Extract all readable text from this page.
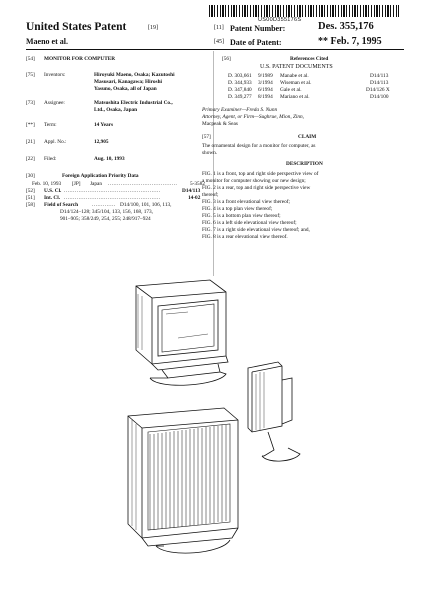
US00D355176S
United States Patent	[19]
Maeno et al.
[11] Patent Number:	Des. 355,176
[45] Date of Patent:	** Feb. 7, 1995
[54] MONITOR FOR COMPUTER
[75] Inventors:	Hiroyuki Maeno, Osaka; Kazutoshi
Masusari, Kanagawa; Hiroshi
Yasuno, Osaka, all of Japan
[73] Assignee:	Matsushita Electric Industrial Co.,
Ltd., Osaka, Japan
[**] Term:	14 Years
[21] Appl. No.:	12,905
[22] Filed:	Aug. 10, 1993
[30]	Foreign Application Priority Data
Feb. 10, 1993 [JP] Japan ...................................... 5-3582
[52] U.S. Cl. .....................................................	D14/113
[51] Int. Cl. .....................................................	14-02
[58] Field of Search	............. D14/100, 101, 106, 113,
D14/124–128; 345/104, 133, 156, 168, 173,
901–905; 358/249, 254, 255; 248/917–924
[56]	References Cited
U.S. PATENT DOCUMENTS
D. 303,661 9/1989 Manabe et al.	D14/113
D. 344,933 3/1994 Wiseman et al.	D14/113
D. 347,840 6/1994 Gale et al.	D14/126 X
D. 349,277 8/1994 Mariano et al.	D14/100
Primary Examiner—Freda S. Nunn
Attorney, Agent, or Firm—Sughrue, Mion, Zinn,
Macpeak & Seas
[57]	CLAIM
The ornamental design for a monitor for computer, as
shown.
DESCRIPTION
FIG. 1 is a front, top and right side perspective view of
a monitor for computer showing our new design;
FIG. 2 is a rear, top and right side perspective view
thereof;
FIG. 3 is a front elevational view thereof;
FIG. 4 is a top plan view thereof;
FIG. 5 is a bottom plan view thereof;
FIG. 6 is a left side elevational view thereof;
FIG. 7 is a right side elevational view thereof; and,
FIG. 8 is a rear elevational view thereof.
